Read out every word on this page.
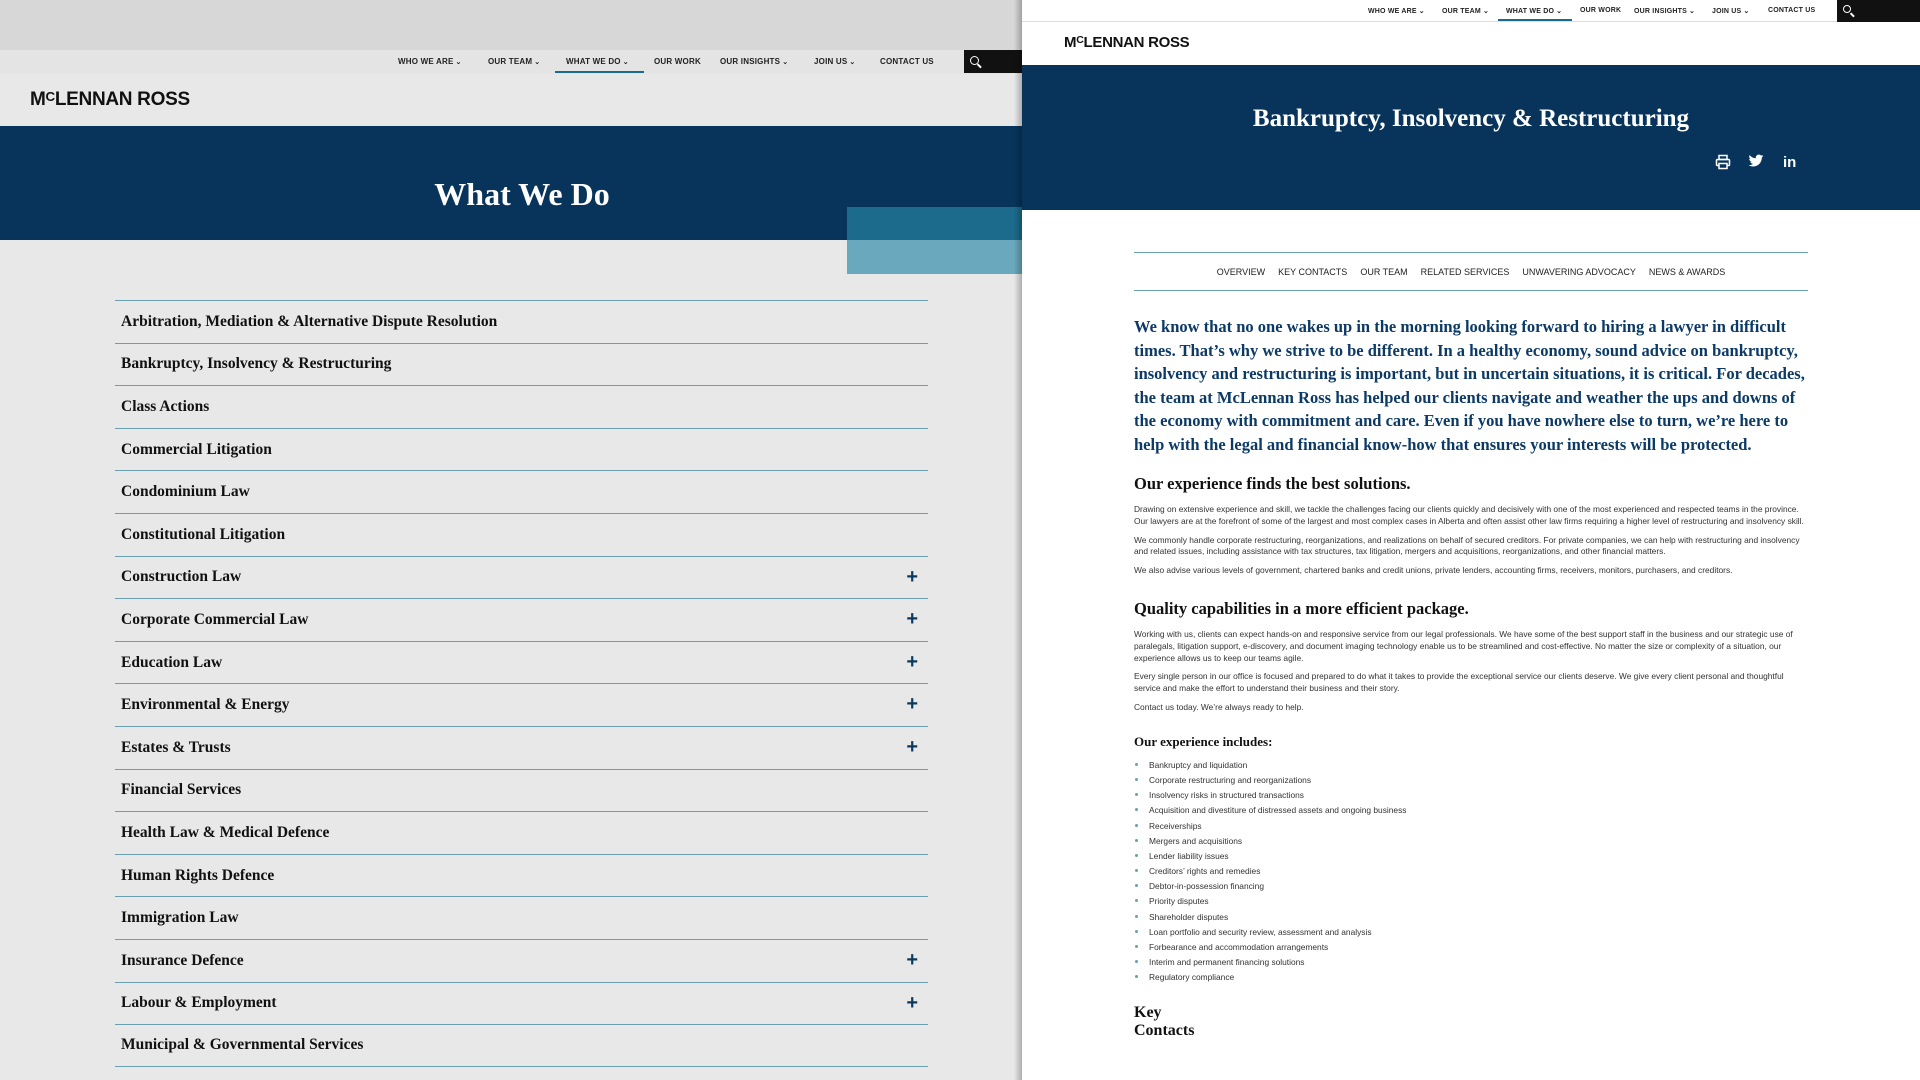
WHO WE ARE ⌄	OUR TEAM ⌄	WHAT WE DO ⌄	OUR WORK OUR INSIGHTS ⌄	JOIN US ⌄	CONTACT US
$M^CLENNAN$ ROSS
What We Do
Arbitration, Mediation & Alternative Dispute Resolution
Bankruptcy, Insolvency & Restructuring
Class Actions
Commercial Litigation
Condominium Law
Constitutional Litigation
Construction Law	+
Corporate Commercial Law	+
Education Law	+
Environmental & Energy	+
Estates & Trusts	+
Financial Services
Health Law & Medical Defence
Human Rights Defence
Immigration Law
Insurance Defence	+
Labour & Employment	+
Municipal & Governmental Services
WHO WE ARE ⌄ OUR TEAM ⌄ WHAT WE DO ⌄	OUR WORK OUR INSIGHTS ⌄ JOIN US ⌄	CONTACT US
$M^CLENNAN$ ROSS
Bankruptcy, Insolvency & Restructuring
in
OVERVIEW KEY CONTACTS OUR TEAM RELATED SERVICES UNWAVERING ADVOCACY NEWS & AWARDS
We know that no one wakes up in the morning looking forward to hiring a lawyer in difficult times. That’s why we strive to be different. In a healthy economy, sound advice on bankruptcy, insolvency and restructuring is important, but in uncertain situations, it is critical. For decades, the team at McLennan Ross has helped our clients navigate and weather the ups and downs of the economy with commitment and care. Even if you have nowhere else to turn, we’re here to help with the legal and financial know-how that ensures your interests will be protected.
Our experience finds the best solutions.

Drawing on extensive experience and skill, we tackle the challenges facing our clients quickly and decisively with one of the most experienced and respected teams in the province. Our lawyers are at the forefront of some of the largest and most complex cases in Alberta and often assist other law firms requiring a higher level of restructuring and insolvency skill.

We commonly handle corporate restructuring, reorganizations, and realizations on behalf of secured creditors. For private companies, we can help with restructuring and insolvency and related issues, including assistance with tax structures, tax litigation, mergers and acquisitions, reorganizations, and other financial matters.

We also advise various levels of government, chartered banks and credit unions, private lenders, accounting firms, receivers, monitors, purchasers, and creditors.

Quality capabilities in a more efficient package.

Working with us, clients can expect hands-on and responsive service from our legal professionals. We have some of the best support staff in the business and our strategic use of paralegals, litigation support, e-discovery, and document imaging technology enable us to be streamlined and cost-effective. No matter the size or complexity of a situation, our experience allows us to keep our teams agile.

Every single person in our office is focused and prepared to do what it takes to provide the exceptional service our clients deserve. We give every client personal and thoughtful service and make the effort to understand their business and their story.

Contact us today. We’re always ready to help.

Our experience includes:
Bankruptcy and liquidation
Corporate restructuring and reorganizations
Insolvency risks in structured transactions
Acquisition and divestiture of distressed assets and ongoing business
Receiverships
Mergers and acquisitions
Lender liability issues
Creditors’ rights and remedies
Debtor-in-possession financing
Priority disputes
Shareholder disputes
Loan portfolio and security review, assessment and analysis
Forbearance and accommodation arrangements
Interim and permanent financing solutions
Regulatory compliance
Key
Contacts
